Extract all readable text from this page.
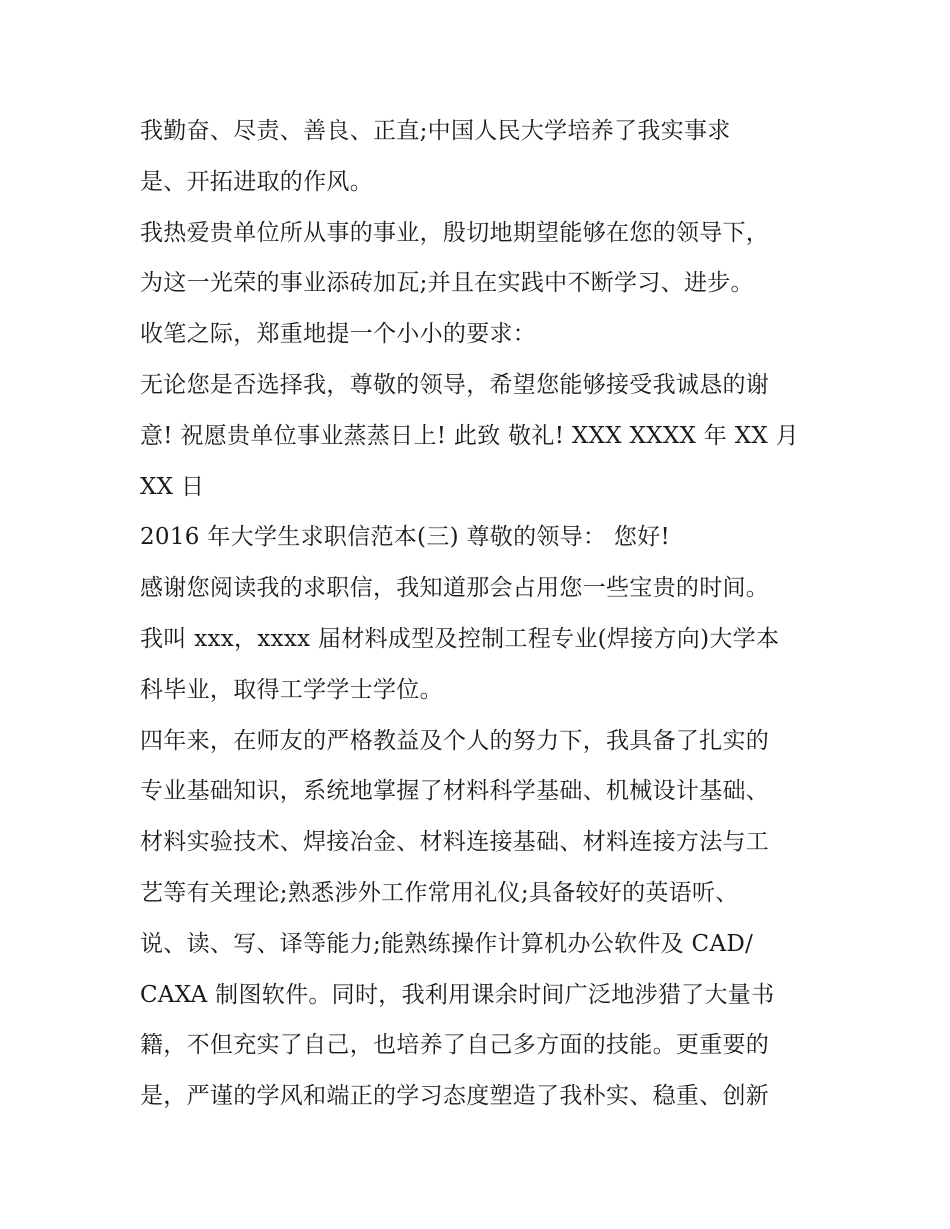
我勤奋、尽责、善良、正直;中国人民大学培养了我实事求
是、开拓进取的作风。
我热爱贵单位所从事的事业，殷切地期望能够在您的领导下，
为这一光荣的事业添砖加瓦;并且在实践中不断学习、进步。
收笔之际，郑重地提一个小小的要求：
无论您是否选择我，尊敬的领导，希望您能够接受我诚恳的谢
意! 祝愿贵单位事业蒸蒸日上! 此致 敬礼! XXX XXXX 年 XX 月
XX 日
2016 年大学生求职信范本(三) 尊敬的领导： 您好!
感谢您阅读我的求职信，我知道那会占用您一些宝贵的时间。
我叫 xxx，xxxx 届材料成型及控制工程专业(焊接方向)大学本
科毕业，取得工学学士学位。
四年来，在师友的严格教益及个人的努力下，我具备了扎实的
专业基础知识，系统地掌握了材料科学基础、机械设计基础、
材料实验技术、焊接冶金、材料连接基础、材料连接方法与工
艺等有关理论;熟悉涉外工作常用礼仪;具备较好的英语听、
说、读、写、译等能力;能熟练操作计算机办公软件及 CAD/
CAXA 制图软件。同时，我利用课余时间广泛地涉猎了大量书
籍，不但充实了自己，也培养了自己多方面的技能。更重要的
是，严谨的学风和端正的学习态度塑造了我朴实、稳重、创新
